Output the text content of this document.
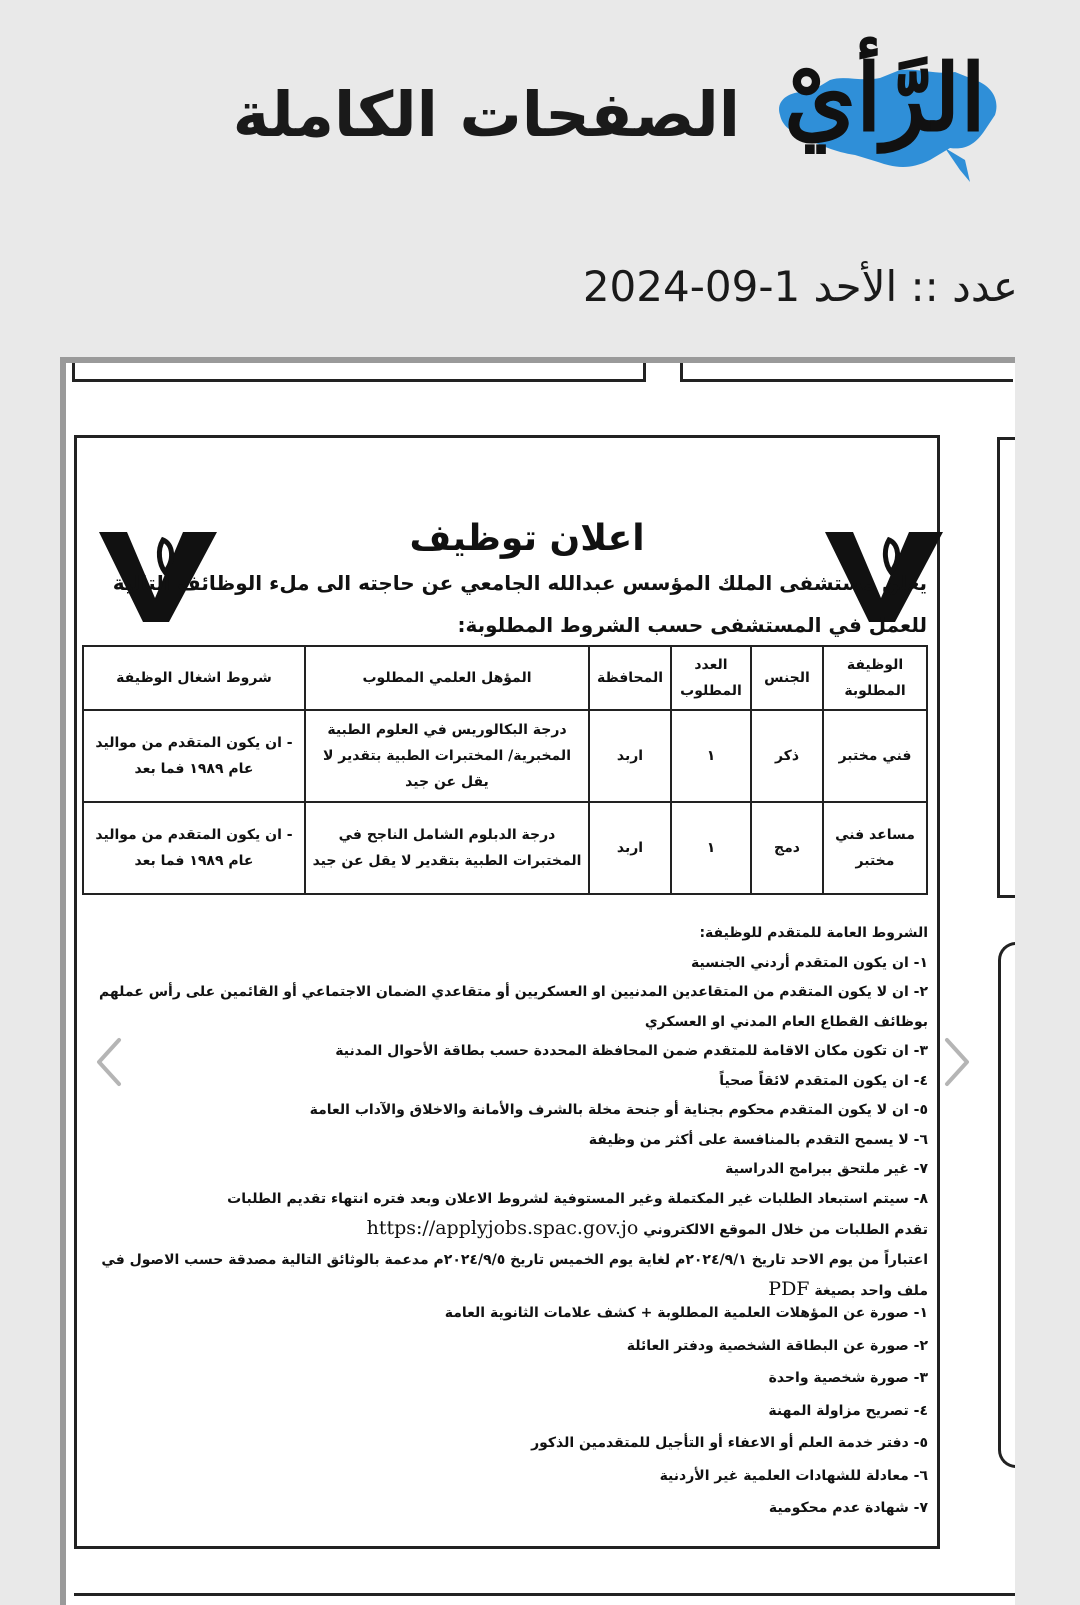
الرَّأيْ
الصفحات الكاملة
عدد :: الأحد 1-09-2024
اعلان توظيف
يعلن مستشفى الملك المؤسس عبدالله الجامعي عن حاجته الى ملء الوظائف التالية للعمل في المستشفى حسب الشروط المطلوبة:
الوظيفة المطلوبة	الجنس	العدد المطلوب	المحافظة	المؤهل العلمي المطلوب	شروط اشغال الوظيفة
فني مختبر	ذكر	١	اربد	درجة البكالوريس في العلوم الطبية المخبرية/ المختبرات الطبية بتقدير لا يقل عن جيد	- ان يكون المتقدم من مواليد عام ١٩٨٩ فما بعد
مساعد فني مختبر	دمج	١	اربد	درجة الدبلوم الشامل الناجح في المختبرات الطبية بتقدير لا يقل عن جيد	- ان يكون المتقدم من مواليد عام ١٩٨٩ فما بعد
الشروط العامة للمتقدم للوظيفة:
١- ان يكون المتقدم أردني الجنسية
٢- ان لا يكون المتقدم من المتقاعدين المدنيين او العسكريين أو متقاعدي الضمان الاجتماعي أو القائمين على رأس عملهم بوظائف القطاع العام المدني او العسكري
٣- ان تكون مكان الاقامة للمتقدم ضمن المحافظة المحددة حسب بطاقة الأحوال المدنية
٤- ان يكون المتقدم لائقاً صحياً
٥- ان لا يكون المتقدم محكوم بجناية أو جنحة مخلة بالشرف والأمانة والاخلاق والآداب العامة
٦- لا يسمح التقدم بالمنافسة على أكثر من وظيفة
٧- غير ملتحق ببرامج الدراسية
٨- سيتم استبعاد الطلبات غير المكتملة وغير المستوفية لشروط الاعلان وبعد فتره انتهاء تقديم الطلبات
تقدم الطلبات من خلال الموقع الالكتروني https://applyjobs.spac.gov.jo
اعتباراً من يوم الاحد تاريخ ٢٠٢٤/٩/١م لغاية يوم الخميس تاريخ ٢٠٢٤/٩/٥م مدعمة بالوثائق التالية مصدقة حسب الاصول في ملف واحد بصيغة PDF
١- صورة عن المؤهلات العلمية المطلوبة + كشف علامات الثانوية العامة
٢- صورة عن البطاقة الشخصية ودفتر العائلة
٣- صورة شخصية واحدة
٤- تصريح مزاولة المهنة
٥- دفتر خدمة العلم أو الاعفاء أو التأجيل للمتقدمين الذكور
٦- معادلة للشهادات العلمية غير الأردنية
٧- شهادة عدم محكومية
